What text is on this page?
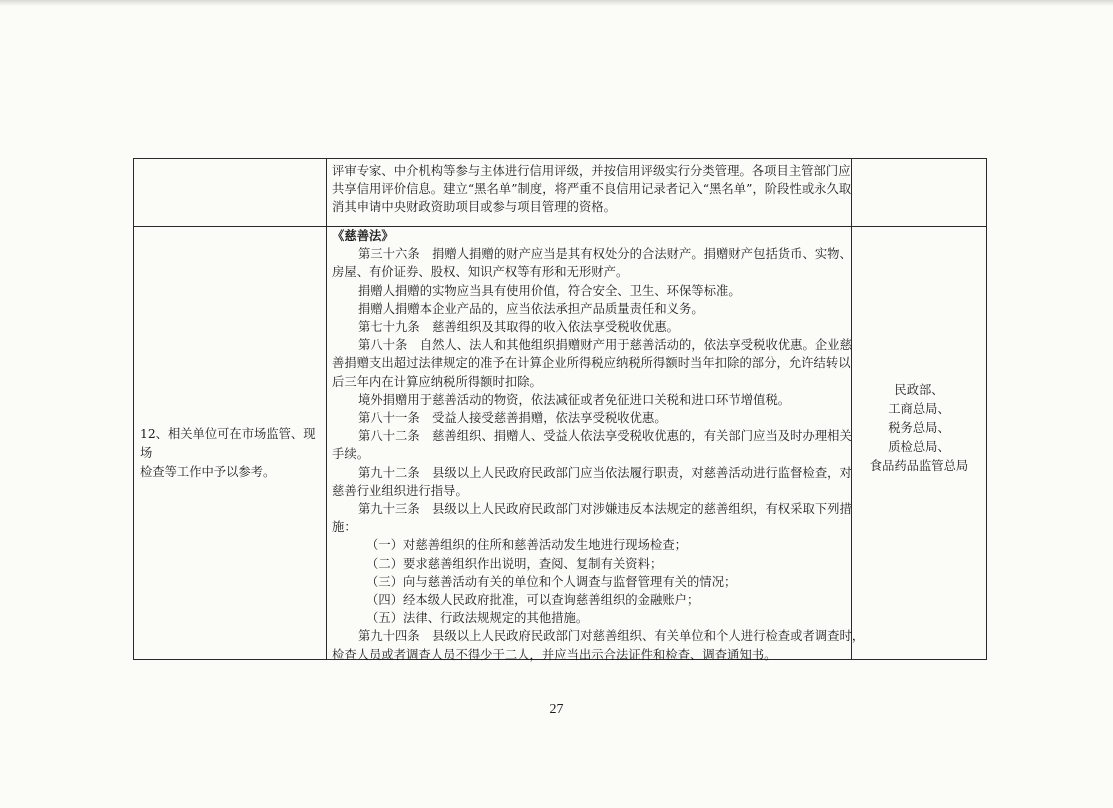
评审专家、中介机构等参与主体进行信用评级，并按信用评级实行分类管理。各项目主管部门应
共享信用评价信息。建立“黑名单”制度，将严重不良信用记录者记入“黑名单”，阶段性或永久取
消其申请中央财政资助项目或参与项目管理的资格。
12、相关单位可在市场监管、现场
检查等工作中予以参考。
《慈善法》
第三十六条　捐赠人捐赠的财产应当是其有权处分的合法财产。捐赠财产包括货币、实物、
房屋、有价证券、股权、知识产权等有形和无形财产。
捐赠人捐赠的实物应当具有使用价值，符合安全、卫生、环保等标准。
捐赠人捐赠本企业产品的，应当依法承担产品质量责任和义务。
第七十九条　慈善组织及其取得的收入依法享受税收优惠。
第八十条　自然人、法人和其他组织捐赠财产用于慈善活动的，依法享受税收优惠。企业慈
善捐赠支出超过法律规定的准予在计算企业所得税应纳税所得额时当年扣除的部分，允许结转以
后三年内在计算应纳税所得额时扣除。
境外捐赠用于慈善活动的物资，依法减征或者免征进口关税和进口环节增值税。
第八十一条　受益人接受慈善捐赠，依法享受税收优惠。
第八十二条　慈善组织、捐赠人、受益人依法享受税收优惠的，有关部门应当及时办理相关
手续。
第九十二条　县级以上人民政府民政部门应当依法履行职责，对慈善活动进行监督检查，对
慈善行业组织进行指导。
第九十三条　县级以上人民政府民政部门对涉嫌违反本法规定的慈善组织，有权采取下列措
施：
（一）对慈善组织的住所和慈善活动发生地进行现场检查；
（二）要求慈善组织作出说明，查阅、复制有关资料；
（三）向与慈善活动有关的单位和个人调查与监督管理有关的情况；
（四）经本级人民政府批准，可以查询慈善组织的金融账户；
（五）法律、行政法规规定的其他措施。
第九十四条　县级以上人民政府民政部门对慈善组织、有关单位和个人进行检查或者调查时，
检查人员或者调查人员不得少于二人，并应当出示合法证件和检查、调查通知书。
民政部、
工商总局、
税务总局、
质检总局、
食品药品监管总局
27
